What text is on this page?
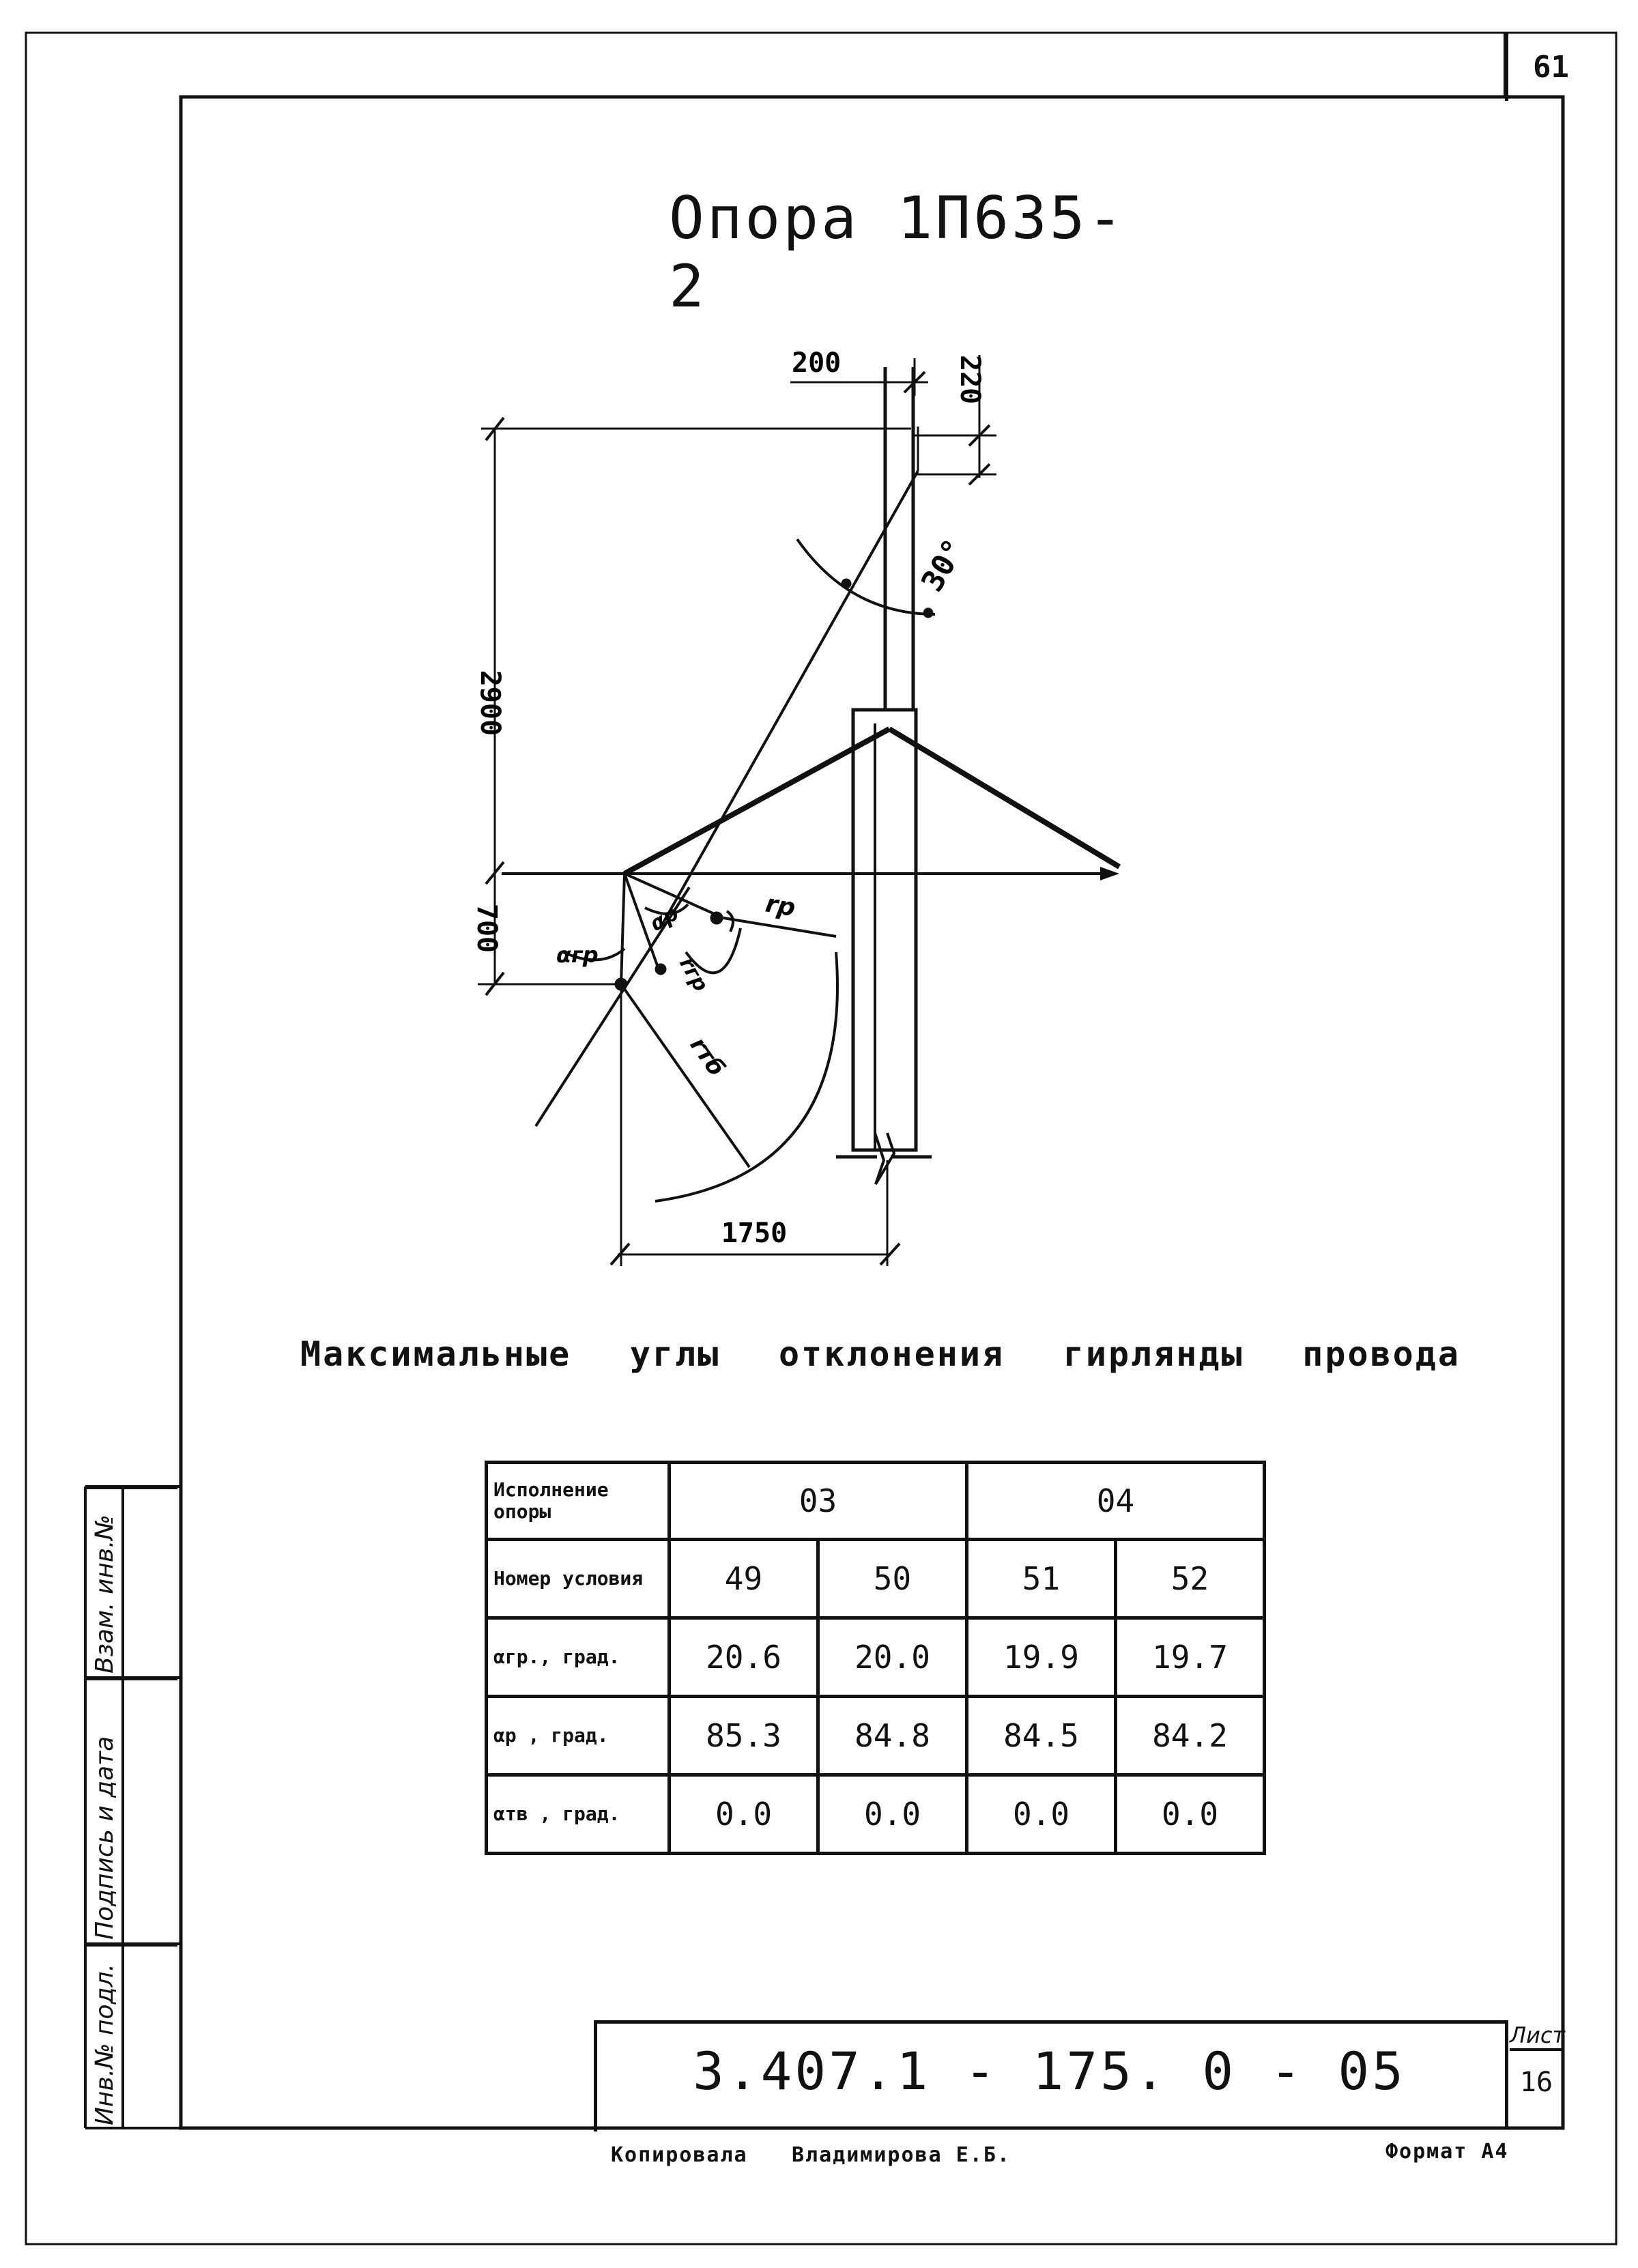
61
Опора 1П635-2
200	220
2900
700
1750
30°
αгр
αр	rр
rгр
rтб
Максимальные углы отклонения гирлянды провода
Исполнение опоры	03		04	
Номер условия	49	50	51	52
αгр., град.	20.6	20.0	19.9	19.7
αр , град.	85.3	84.8	84.5	84.2
αтв , град.	0.0	0.0	0.0	0.0
Взам. инв.№
Подпись и дата
Инв.№ подл.	3.407.1 - 175. 0 - 05
Лист
16
Копировала Владимирова Е.Б.	Формат А4
